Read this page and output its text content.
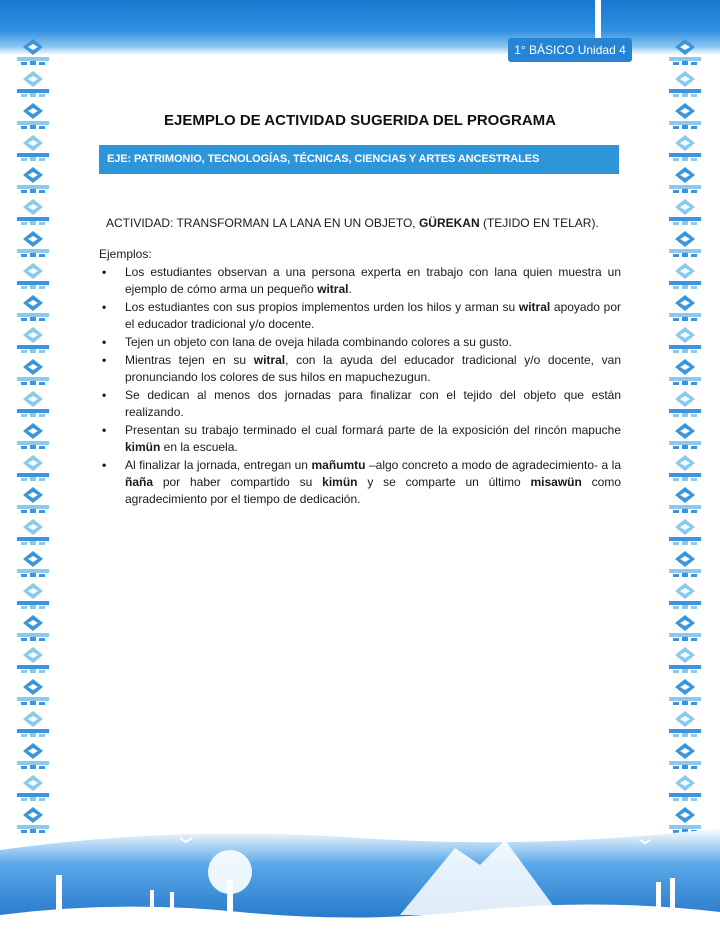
1° BÁSICO Unidad 4
EJEMPLO DE ACTIVIDAD SUGERIDA DEL PROGRAMA
EJE: PATRIMONIO, TECNOLOGÍAS, TÉCNICAS, CIENCIAS Y ARTES ANCESTRALES
ACTIVIDAD: TRANSFORMAN LA LANA EN UN OBJETO, GÜREKAN (TEJIDO EN TELAR).
Ejemplos:
• Los estudiantes observan a una persona experta en trabajo con lana quien muestra un ejemplo de cómo arma un pequeño witral.
• Los estudiantes con sus propios implementos urden los hilos y arman su witral apoyado por el educador tradicional y/o docente.
• Tejen un objeto con lana de oveja hilada combinando colores a su gusto.
• Mientras tejen en su witral, con la ayuda del educador tradicional y/o docente, van pronunciando los colores de sus hilos en mapuchezugun.
• Se dedican al menos dos jornadas para finalizar con el tejido del objeto que están realizando.
• Presentan su trabajo terminado el cual formará parte de la exposición del rincón mapuche kimün en la escuela.
• Al finalizar la jornada, entregan un mañumtu –algo concreto a modo de agradecimiento- a la ñaña por haber compartido su kimün y se comparte un último misawün como agradecimiento por el tiempo de dedicación.
